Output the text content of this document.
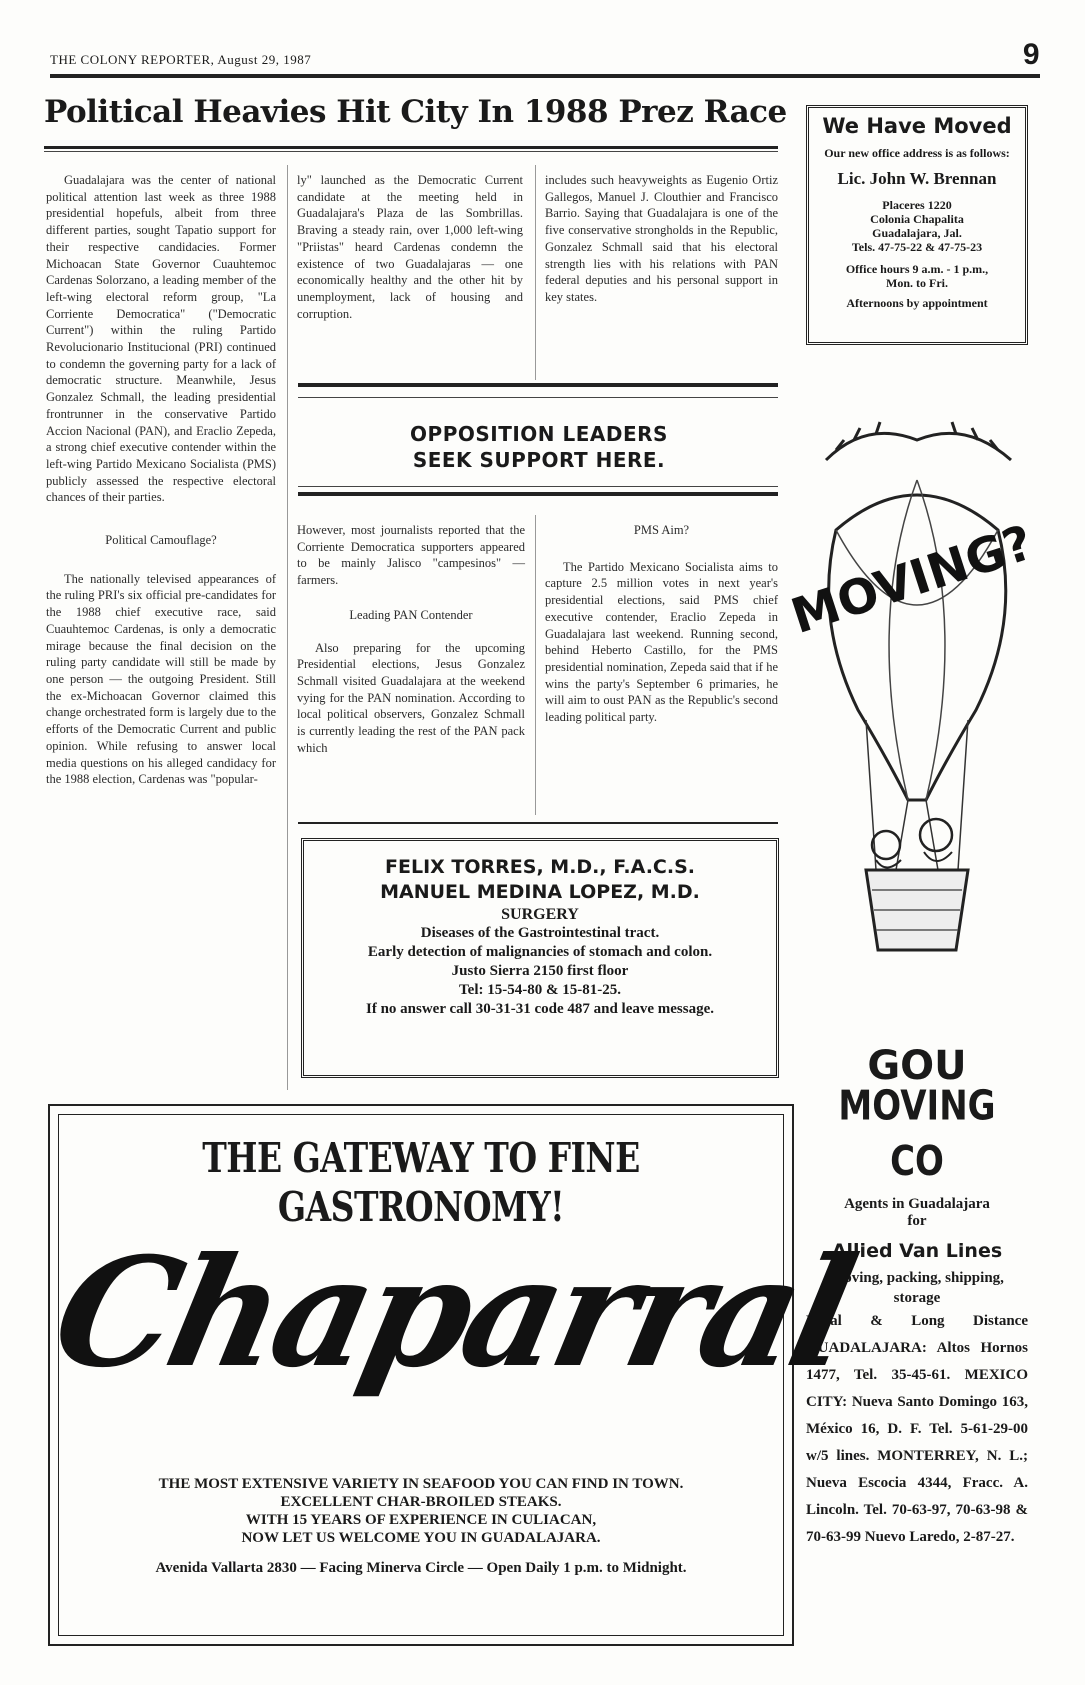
THE COLONY REPORTER, August 29, 1987	9
Political Heavies Hit City In 1988 Prez Race

Guadalajara was the center of national political attention last week as three 1988 presidential hopefuls, albeit from three different parties, sought Tapatio support for their respective candidacies. Former Michoacan State Governor Cuauhtemoc Cardenas Solorzano, a leading member of the left-wing electoral reform group, "La Corriente Democratica" ("Democratic Current") within the ruling Partido Revolucionario Institucional (PRI) continued to condemn the governing party for a lack of democratic structure. Meanwhile, Jesus Gonzalez Schmall, the leading presidential frontrunner in the conservative Partido Accion Nacional (PAN), and Eraclio Zepeda, a strong chief executive contender within the left-wing Partido Mexicano Socialista (PMS) publicly assessed the respective electoral chances of their parties.

Political Camouflage?

The nationally televised appearances of the ruling PRI's six official pre-candidates for the 1988 chief executive race, said Cuauhtemoc Cardenas, is only a democratic mirage because the final decision on the ruling party candidate will still be made by one person — the outgoing President. Still the ex-Michoacan Governor claimed this change orchestrated form is largely due to the efforts of the Democratic Current and public opinion. While refusing to answer local media questions on his alleged candidacy for the 1988 election, Cardenas was "popular-

ly" launched as the Democratic Current candidate at the meeting held in Guadalajara's Plaza de las Sombrillas. Braving a steady rain, over 1,000 left-wing "Priistas" heard Cardenas condemn the existence of two Guadalajaras — one economically healthy and the other hit by unemployment, lack of housing and corruption.

includes such heavyweights as Eugenio Ortiz Gallegos, Manuel J. Clouthier and Francisco Barrio. Saying that Guadalajara is one of the five conservative strongholds in the Republic, Gonzalez Schmall said that his electoral strength lies with his relations with PAN federal deputies and his personal support in key states.

OPPOSITION LEADERS
SEEK SUPPORT HERE.

However, most journalists reported that the Corriente Democratica supporters appeared to be mainly Jalisco "campesinos" — farmers.

Leading PAN Contender

Also preparing for the upcoming Presidential elections, Jesus Gonzalez Schmall visited Guadalajara at the weekend vying for the PAN nomination. According to local political observers, Gonzalez Schmall is currently leading the rest of the PAN pack which

PMS Aim?

The Partido Mexicano Socialista aims to capture 2.5 million votes in next year's presidential elections, said PMS chief executive contender, Eraclio Zepeda in Guadalajara last weekend. Running second, behind Heberto Castillo, for the PMS presidential nomination, Zepeda said that if he wins the party's September 6 primaries, he will aim to oust PAN as the Republic's second leading political party.

We Have Moved
Our new office address is as follows:
Lic. John W. Brennan
Placeres 1220
Colonia Chapalita
Guadalajara, Jal.
Tels. 47-75-22 & 47-75-23
Office hours 9 a.m. - 1 p.m.,
Mon. to Fri.
Afternoons by appointment
FELIX TORRES, M.D., F.A.C.S.
MANUEL MEDINA LOPEZ, M.D.
SURGERY
Diseases of the Gastrointestinal tract.
Early detection of malignancies of stomach and colon.
Justo Sierra 2150 first floor
Tel: 15-54-80 & 15-81-25.
If no answer call 30-31-31 code 487 and leave message.
MOVING?
GOU
MOVING CO
Agents in Guadalajara
for
Allied Van Lines
Moving, packing, shipping, storage
Local & Long Distance GUADALAJARA: Altos Hornos 1477, Tel. 35-45-61. MEXICO CITY: Nueva Santo Domingo 163, México 16, D. F. Tel. 5-61-29-00 w/5 lines. MONTERREY, N. L.; Nueva Escocia 4344, Fracc. A. Lincoln. Tel. 70-63-97, 70-63-98 & 70-63-99 Nuevo Laredo, 2-87-27.
THE GATEWAY TO FINE GASTRONOMY!
Chaparral
THE MOST EXTENSIVE VARIETY IN SEAFOOD YOU CAN FIND IN TOWN.
EXCELLENT CHAR-BROILED STEAKS.
WITH 15 YEARS OF EXPERIENCE IN CULIACAN,
NOW LET US WELCOME YOU IN GUADALAJARA.
Avenida Vallarta 2830 — Facing Minerva Circle — Open Daily 1 p.m. to Midnight.
